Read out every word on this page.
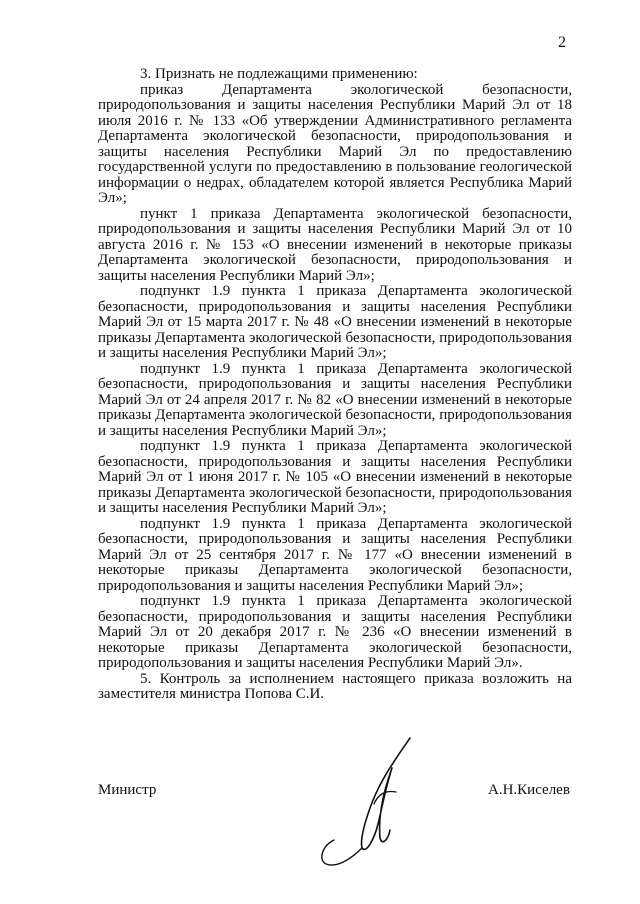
2

3. Признать не подлежащими применению:

приказ Департамента экологической безопасности, природопользования и защиты населения Республики Марий Эл от 18 июля 2016 г. № 133 «Об утверждении Административного регламента Департамента экологической безопасности, природопользования и защиты населения Республики Марий Эл по предоставлению государственной услуги по предоставлению в пользование геологической информации о недрах, обладателем которой является Республика Марий Эл»;

пункт 1 приказа Департамента экологической безопасности, природопользования и защиты населения Республики Марий Эл от 10 августа 2016 г. № 153 «О внесении изменений в некоторые приказы Департамента экологической безопасности, природопользования и защиты населения Республики Марий Эл»;

подпункт 1.9 пункта 1 приказа Департамента экологической безопасности, природопользования и защиты населения Республики Марий Эл от 15 марта 2017 г. № 48 «О внесении изменений в некоторые приказы Департамента экологической безопасности, природопользования и защиты населения Республики Марий Эл»;

подпункт 1.9 пункта 1 приказа Департамента экологической безопасности, природопользования и защиты населения Республики Марий Эл от 24 апреля 2017 г. № 82 «О внесении изменений в некоторые приказы Департамента экологической безопасности, природопользования и защиты населения Республики Марий Эл»;

подпункт 1.9 пункта 1 приказа Департамента экологической безопасности, природопользования и защиты населения Республики Марий Эл от 1 июня 2017 г. № 105 «О внесении изменений в некоторые приказы Департамента экологической безопасности, природопользования и защиты населения Республики Марий Эл»;

подпункт 1.9 пункта 1 приказа Департамента экологической безопасности, природопользования и защиты населения Республики Марий Эл от 25 сентября 2017 г. № 177 «О внесении изменений в некоторые приказы Департамента экологической безопасности, природопользования и защиты населения Республики Марий Эл»;

подпункт 1.9 пункта 1 приказа Департамента экологической безопасности, природопользования и защиты населения Республики Марий Эл от 20 декабря 2017 г. № 236 «О внесении изменений в некоторые приказы Департамента экологической безопасности, природопользования и защиты населения Республики Марий Эл».

5. Контроль за исполнением настоящего приказа возложить на заместителя министра Попова С.И.

Министр	А.Н.Киселев
